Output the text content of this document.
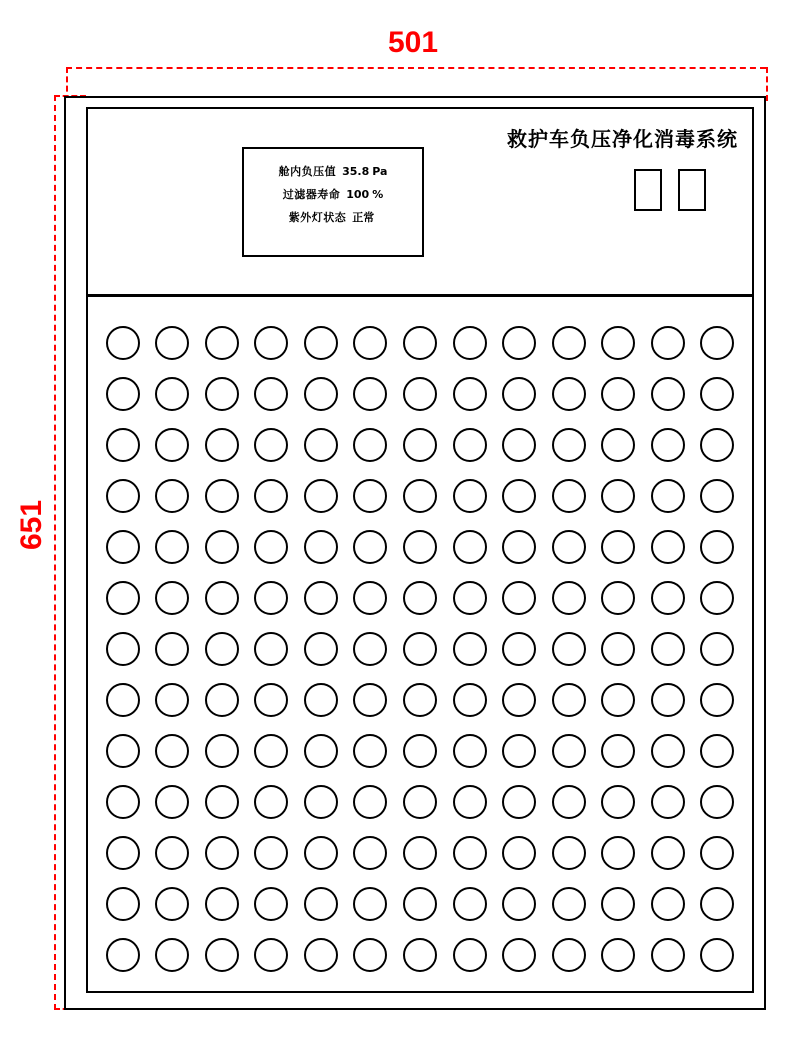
501
651
救护车负压净化消毒系统
舱内负压值 35.8 Pa
过滤器寿命 100 %
紫外灯状态 正常
